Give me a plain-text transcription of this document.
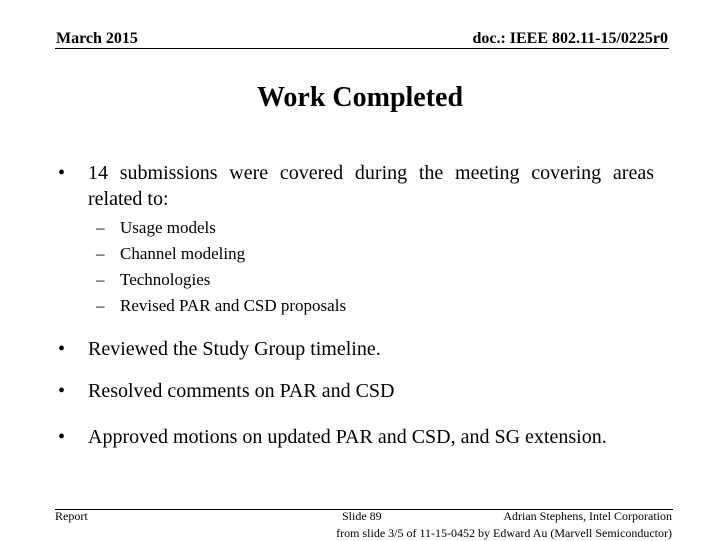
March 2015	doc.: IEEE 802.11-15/0225r0
Work Completed
•	14 submissions were covered during the meeting covering areas related to:
– Usage models
– Channel modeling
– Technologies
– Revised PAR and CSD proposals
•	Reviewed the Study Group timeline.
•	Resolved comments on PAR and CSD
•	Approved motions on updated PAR and CSD, and SG extension.
Report	Slide 89	Adrian Stephens, Intel Corporation
from slide 3/5 of 11-15-0452 by Edward Au (Marvell Semiconductor)
